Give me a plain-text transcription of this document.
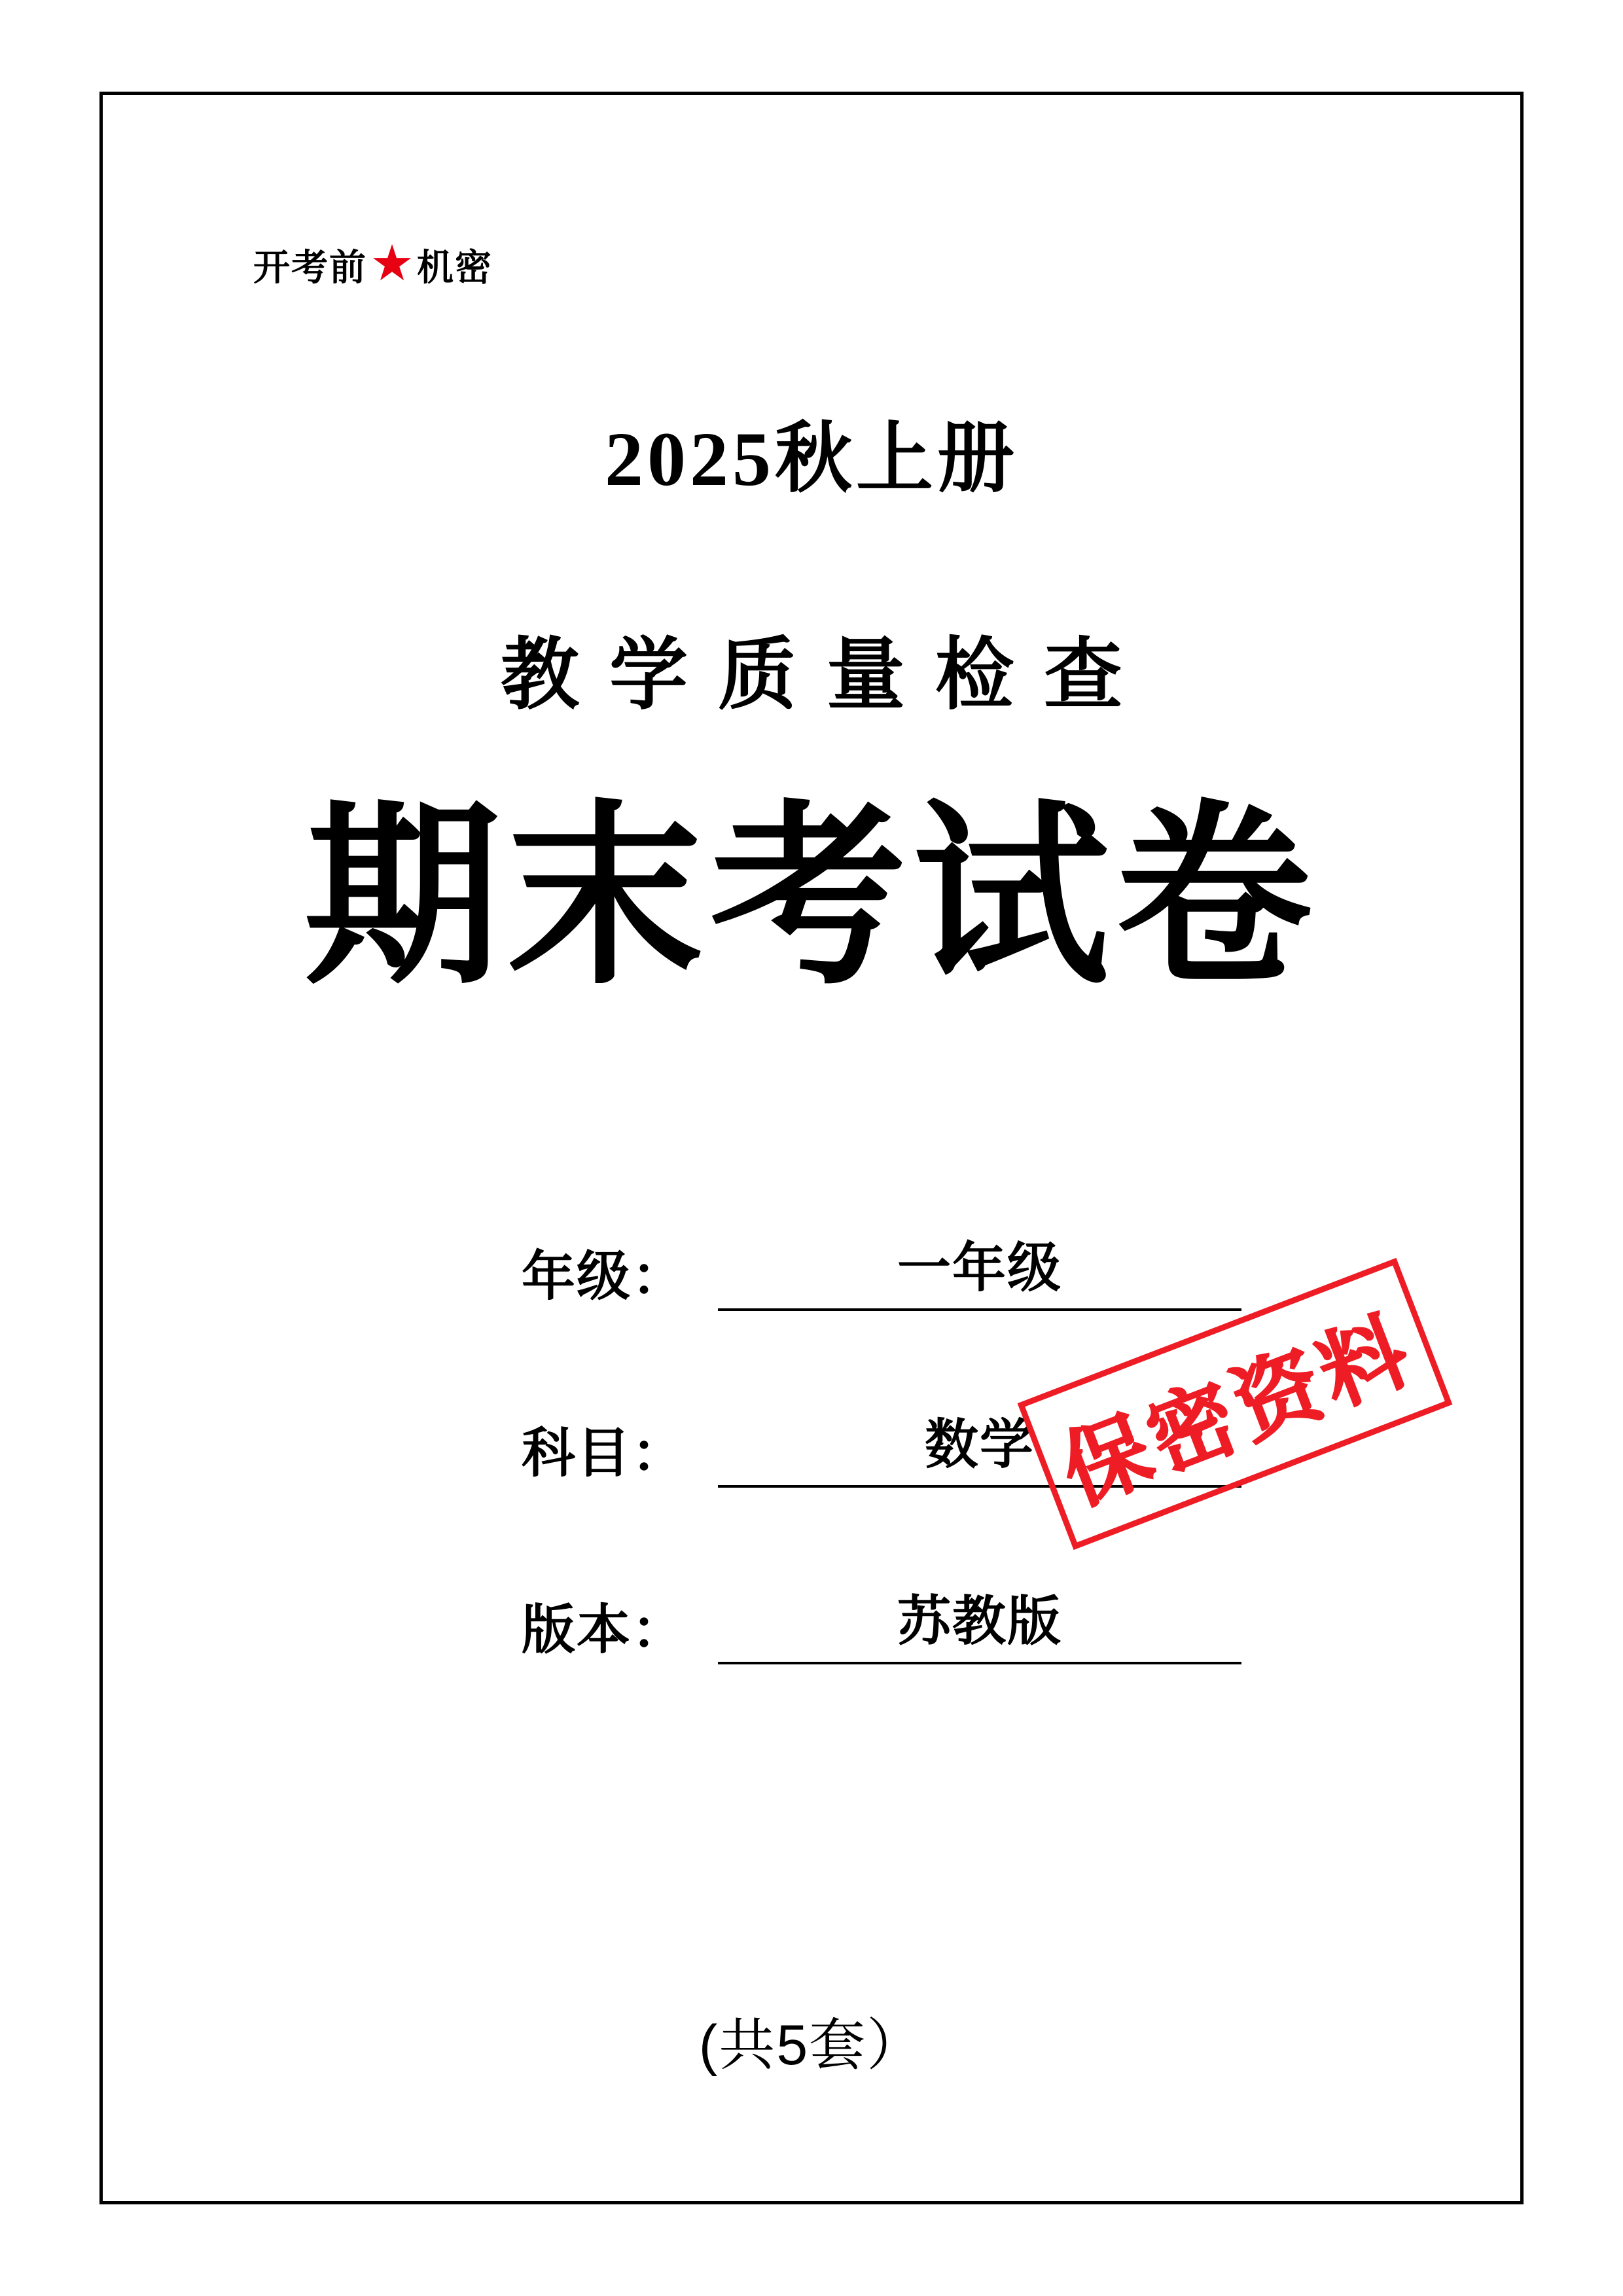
开考前 ★ 机密
2025秋上册
教学质量检查
期末考试卷
年级：	一年级
科目：	数学
版本：	苏教版
保密资料
(共5套）
